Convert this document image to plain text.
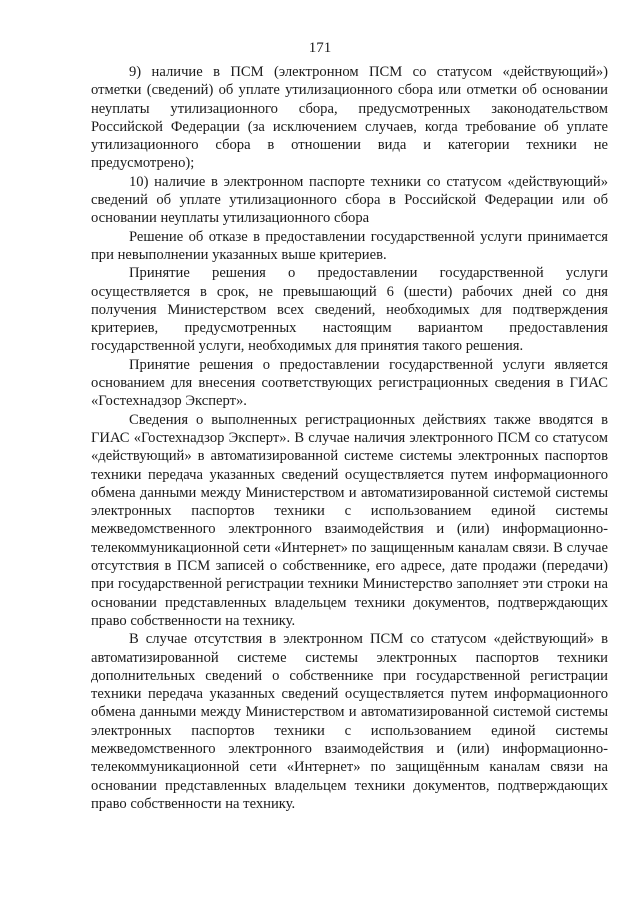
171

9) наличие в ПСМ (электронном ПСМ со статусом «действующий») отметки (сведений) об уплате утилизационного сбора или отметки об основании неуплаты утилизационного сбора, предусмотренных законодательством Российской Федерации (за исключением случаев, когда требование об уплате утилизационного сбора в отношении вида и категории техники не предусмотрено);

10) наличие в электронном паспорте техники со статусом «действующий» сведений об уплате утилизационного сбора в Российской Федерации или об основании неуплаты утилизационного сбора

Решение об отказе в предоставлении государственной услуги принимается при невыполнении указанных выше критериев.

Принятие решения о предоставлении государственной услуги осуществляется в срок, не превышающий 6 (шести) рабочих дней со дня получения Министерством всех сведений, необходимых для подтверждения критериев, предусмотренных настоящим вариантом предоставления государственной услуги, необходимых для принятия такого решения.

Принятие решения о предоставлении государственной услуги является основанием для внесения соответствующих регистрационных сведения в ГИАС «Гостехнадзор Эксперт».

Сведения о выполненных регистрационных действиях также вводятся в ГИАС «Гостехнадзор Эксперт». В случае наличия электронного ПСМ со статусом «действующий» в автоматизированной системе системы электронных паспортов техники передача указанных сведений осуществляется путем информационного обмена данными между Министерством и автоматизированной системой системы электронных паспортов техники с использованием единой системы межведомственного электронного взаимодействия и (или) информационно-телекоммуникационной сети «Интернет» по защищенным каналам связи. В случае отсутствия в ПСМ записей о собственнике, его адресе, дате продажи (передачи) при государственной регистрации техники Министерство заполняет эти строки на основании представленных владельцем техники документов, подтверждающих право собственности на технику.

В случае отсутствия в электронном ПСМ со статусом «действующий» в автоматизированной системе системы электронных паспортов техники дополнительных сведений о собственнике при государственной регистрации техники передача указанных сведений осуществляется путем информационного обмена данными между Министерством и автоматизированной системой системы электронных паспортов техники с использованием единой системы межведомственного электронного взаимодействия и (или) информационно-телекоммуникационной сети «Интернет» по защищённым каналам связи на основании представленных владельцем техники документов, подтверждающих право собственности на технику.
